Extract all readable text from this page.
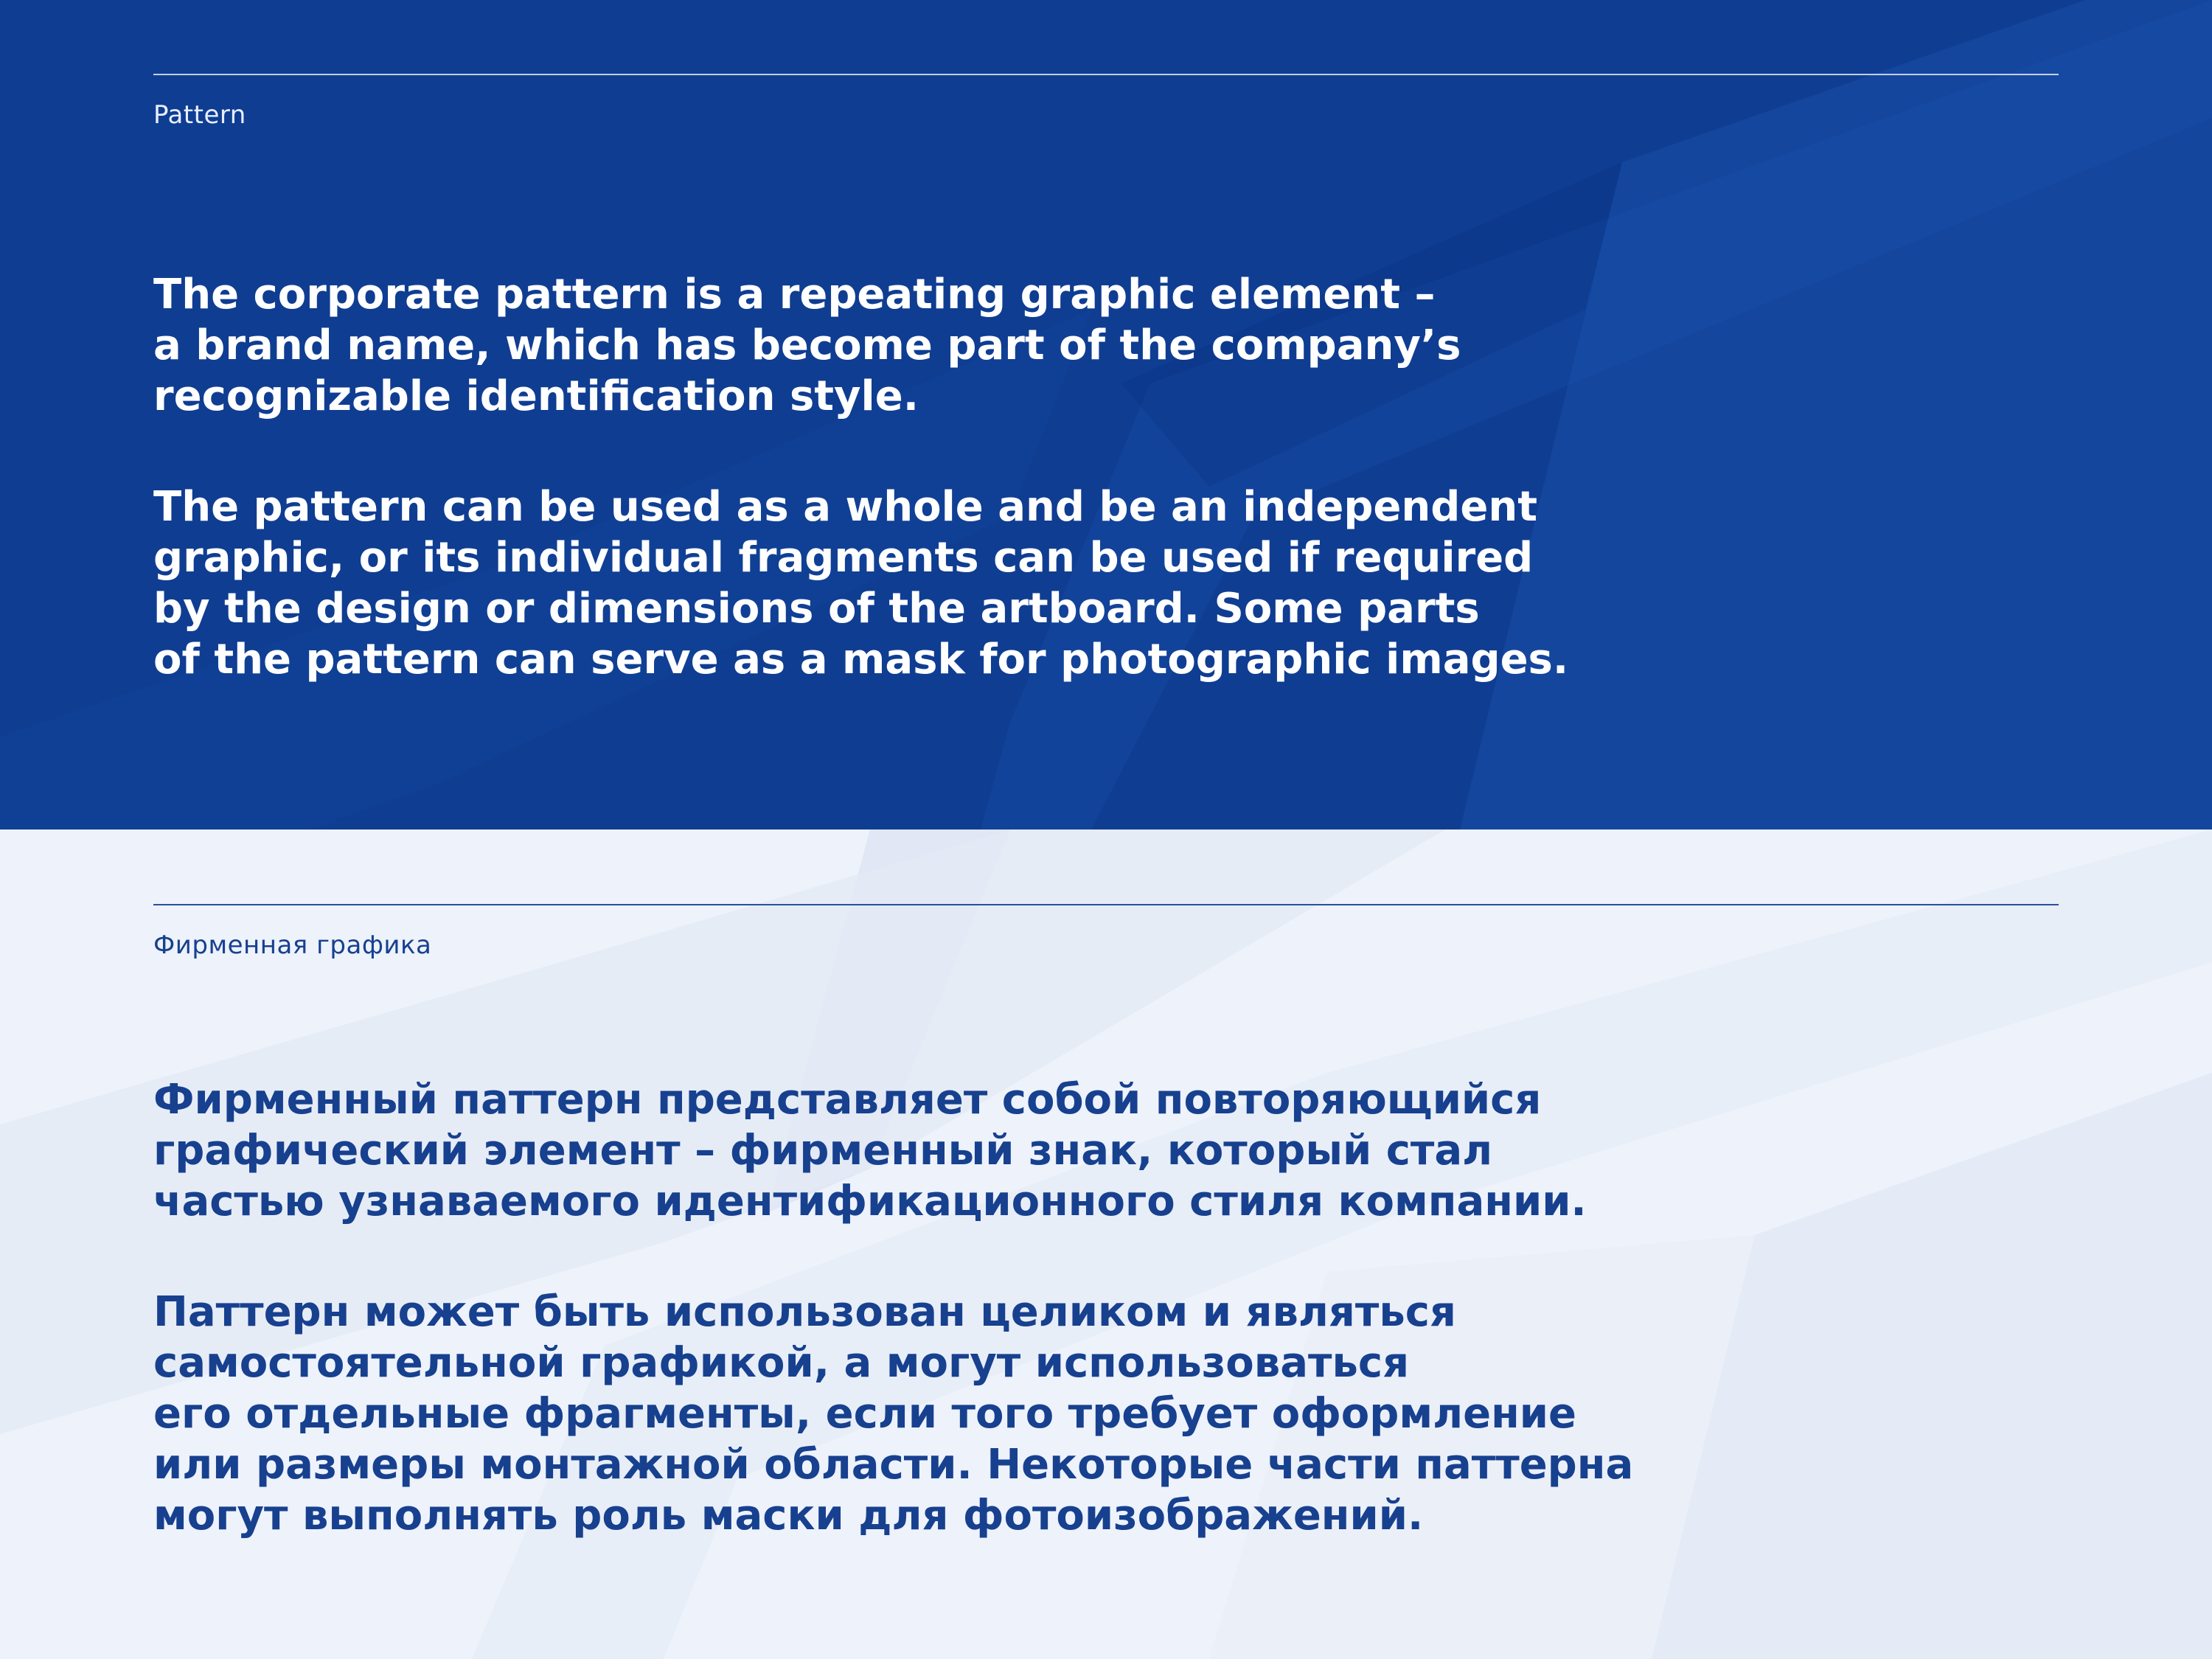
Pattern

The corporate pattern is a repeating graphic element –
a brand name, which has become part of the company’s
recognizable identification style.

The pattern can be used as a whole and be an independent
graphic, or its individual fragments can be used if required
by the design or dimensions of the artboard. Some parts
of the pattern can serve as a mask for photographic images.

Фирменная графика

Фирменный паттерн представляет собой повторяющийся
графический элемент – фирменный знак, который стал
частью узнаваемого идентификационного стиля компании.

Паттерн может быть использован целиком и являться
самостоятельной графикой, а могут использоваться
его отдельные фрагменты, если того требует оформление
или размеры монтажной области. Некоторые части паттерна
могут выполнять роль маски для фотоизображений.
